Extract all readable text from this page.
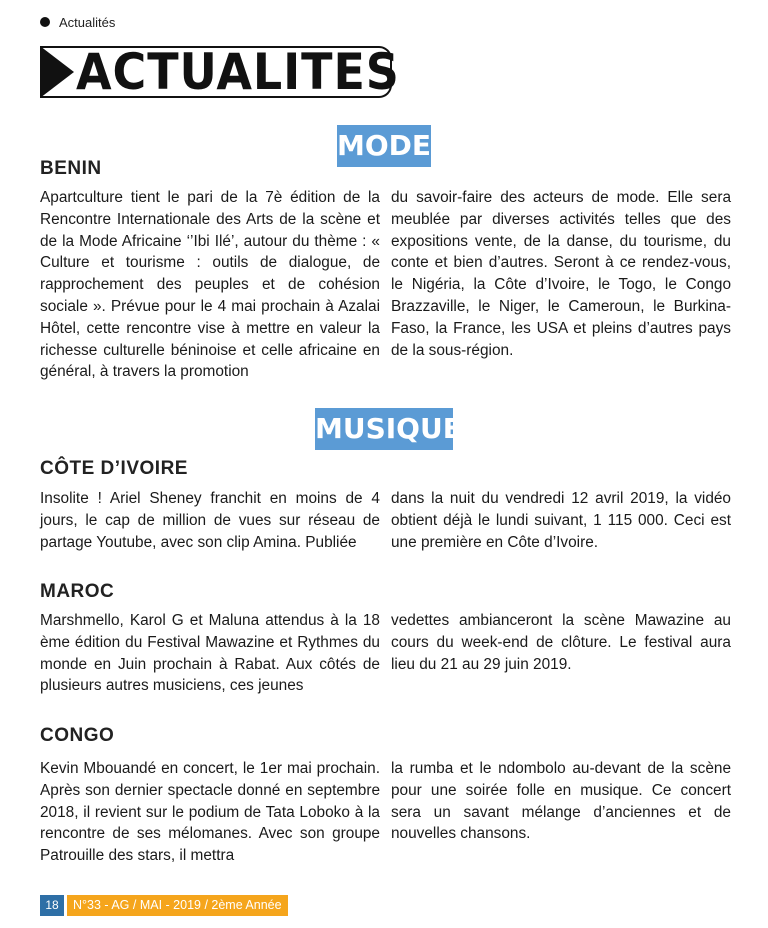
Actualités
ACTUALITES
MODE
BENIN
Apartculture tient le pari de la 7è édition de la Rencontre Internationale des Arts de la scène et de la Mode Africaine ‘’Ibi Ilé’, autour du thème : « Culture et tourisme : outils de dialogue, de rapprochement des peuples et de cohésion sociale ». Prévue pour le 4 mai prochain à Azalai Hôtel, cette rencontre vise à mettre en valeur la richesse culturelle béninoise et celle africaine en général, à travers la promotion
du savoir-faire des acteurs de mode. Elle sera meublée par diverses activités telles que des expositions vente, de la danse, du tourisme, du conte et bien d’autres. Seront à ce rendez-vous, le Nigéria, la Côte d’Ivoire, le Togo, le Congo Brazzaville, le Niger, le Cameroun, le Burkina-Faso, la France, les USA et pleins d’autres pays de la sous-région.
MUSIQUE
CÔTE D’IVOIRE
Insolite ! Ariel Sheney franchit en moins de 4 jours, le cap de million de vues sur réseau de partage Youtube, avec son clip Amina. Publiée
dans la nuit du vendredi 12 avril 2019, la vidéo obtient déjà le lundi suivant, 1 115 000. Ceci est une première en Côte d’Ivoire.
MAROC
Marshmello, Karol G et Maluna attendus à la 18 ème édition du Festival Mawazine et Rythmes du monde en Juin prochain à Rabat. Aux côtés de plusieurs autres musiciens, ces jeunes
vedettes ambianceront la scène Mawazine au cours du week-end de clôture. Le festival aura lieu du 21 au 29 juin 2019.
CONGO
Kevin Mbouandé en concert, le 1er mai prochain. Après son dernier spectacle donné en septembre 2018, il revient sur le podium de Tata Loboko à la rencontre de ses mélomanes. Avec son groupe Patrouille des stars, il mettra
la rumba et le ndombolo au-devant de la scène pour une soirée folle en musique. Ce concert sera un savant mélange d’anciennes et de nouvelles chansons.
18	N°33 - AG / MAI - 2019 / 2ème Année
